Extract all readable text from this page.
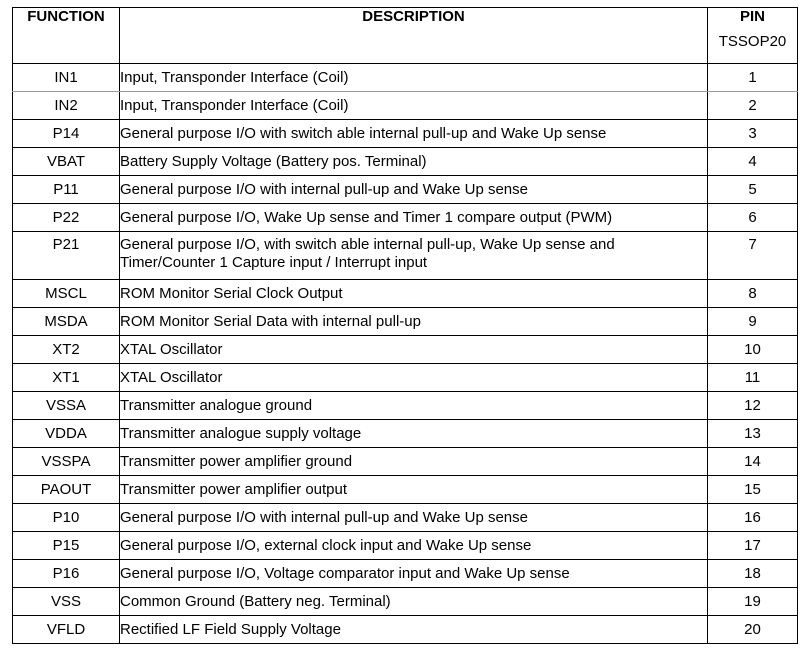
FUNCTION	DESCRIPTION	PIN
TSSOP20

IN1	Input, Transponder Interface (Coil)	1
IN2	Input, Transponder Interface (Coil)	2
P14	General purpose I/O with switch able internal pull-up and Wake Up sense	3
VBAT	Battery Supply Voltage (Battery pos. Terminal)	4
P11	General purpose I/O with internal pull-up and Wake Up sense	5
P22	General purpose I/O, Wake Up sense and Timer 1 compare output (PWM)	6
P21	General purpose I/O, with switch able internal pull-up, Wake Up sense and Timer/Counter 1 Capture input / Interrupt input	7
MSCL	ROM Monitor Serial Clock Output	8
MSDA	ROM Monitor Serial Data with internal pull-up	9
XT2	XTAL Oscillator	10
XT1	XTAL Oscillator	11
VSSA	Transmitter analogue ground	12
VDDA	Transmitter analogue supply voltage	13
VSSPA	Transmitter power amplifier ground	14
PAOUT	Transmitter power amplifier output	15
P10	General purpose I/O with internal pull-up and Wake Up sense	16
P15	General purpose I/O, external clock input and Wake Up sense	17
P16	General purpose I/O, Voltage comparator input and Wake Up sense	18
VSS	Common Ground (Battery neg. Terminal)	19
VFLD	Rectified LF Field Supply Voltage	20
